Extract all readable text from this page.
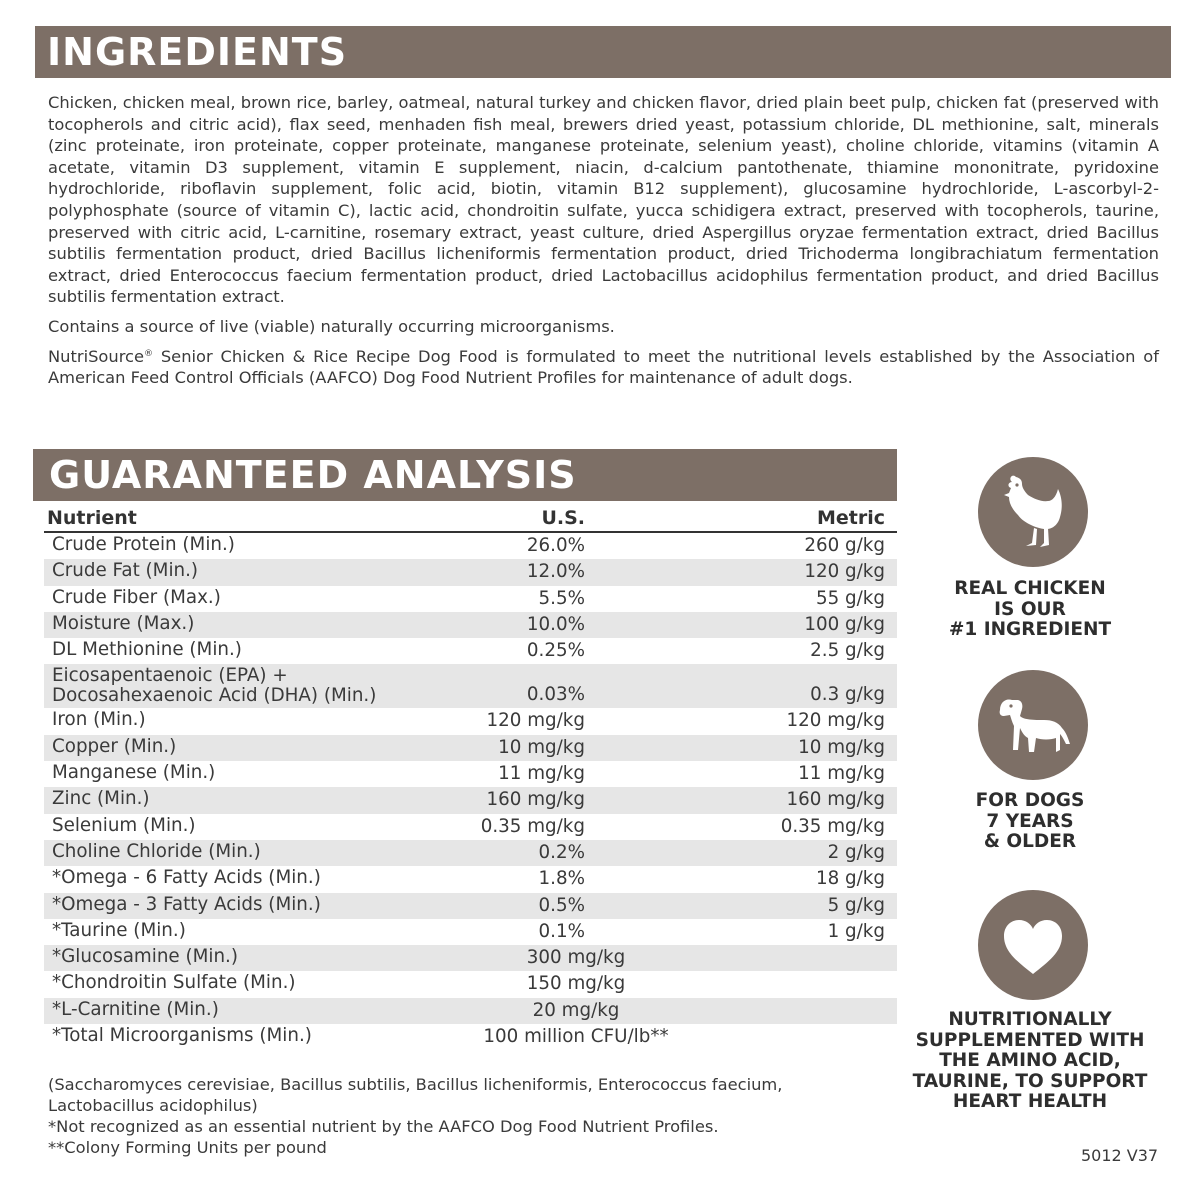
INGREDIENTS

Chicken, chicken meal, brown rice, barley, oatmeal, natural turkey and chicken flavor, dried plain beet pulp, chicken fat (preserved with tocopherols and citric acid), flax seed, menhaden fish meal, brewers dried yeast, potassium chloride, DL methionine, salt, minerals (zinc proteinate, iron proteinate, copper proteinate, manganese proteinate, selenium yeast), choline chloride, vitamins (vitamin A acetate, vitamin D3 supplement, vitamin E supplement, niacin, d-calcium pantothenate, thiamine mononitrate, pyridoxine hydrochloride, riboflavin supplement, folic acid, biotin, vitamin B12 supplement), glucosamine hydrochloride, L-ascorbyl-2-polyphosphate (source of vitamin C), lactic acid, chondroitin sulfate, yucca schidigera extract, preserved with tocopherols, taurine, preserved with citric acid, L-carnitine, rosemary extract, yeast culture, dried Aspergillus oryzae fermentation extract, dried Bacillus subtilis fermentation product, dried Bacillus licheniformis fermentation product, dried Trichoderma longibrachiatum fermentation extract, dried Enterococcus faecium fermentation product, dried Lactobacillus acidophilus fermentation product, and dried Bacillus subtilis fermentation extract.

Contains a source of live (viable) naturally occurring microorganisms.

NutriSource® Senior Chicken & Rice Recipe Dog Food is formulated to meet the nutritional levels established by the Association of American Feed Control Officials (AAFCO) Dog Food Nutrient Profiles for maintenance of adult dogs.

GUARANTEED ANALYSIS
Nutrient	U.S.	Metric
Crude Protein (Min.)	26.0%	260 g/kg
Crude Fat (Min.)	12.0%	120 g/kg
Crude Fiber (Max.)	5.5%	55 g/kg
Moisture (Max.)	10.0%	100 g/kg
DL Methionine (Min.)	0.25%	2.5 g/kg
Eicosapentaenoic (EPA) +
Docosahexaenoic Acid (DHA) (Min.)	0.03%	0.3 g/kg
Iron (Min.)	120 mg/kg	120 mg/kg
Copper (Min.)	10 mg/kg	10 mg/kg
Manganese (Min.)	11 mg/kg	11 mg/kg
Zinc (Min.)	160 mg/kg	160 mg/kg
Selenium (Min.)	0.35 mg/kg	0.35 mg/kg
Choline Chloride (Min.)	0.2%	2 g/kg
*Omega - 6 Fatty Acids (Min.)	1.8%	18 g/kg
*Omega - 3 Fatty Acids (Min.)	0.5%	5 g/kg
*Taurine (Min.)	0.1%	1 g/kg
*Glucosamine (Min.)	300 mg/kg
*Chondroitin Sulfate (Min.)	150 mg/kg
*L-Carnitine (Min.)	20 mg/kg
*Total Microorganisms (Min.)	100 million CFU/lb**

(Saccharomyces cerevisiae, Bacillus subtilis, Bacillus licheniformis, Enterococcus faecium,

Lactobacillus acidophilus)

*Not recognized as an essential nutrient by the AAFCO Dog Food Nutrient Profiles.

**Colony Forming Units per pound

REAL CHICKEN
IS OUR
#1 INGREDIENT
FOR DOGS
7 YEARS
& OLDER
NUTRITIONALLY
SUPPLEMENTED WITH
THE AMINO ACID,
TAURINE, TO SUPPORT
HEART HEALTH
5012 V37
